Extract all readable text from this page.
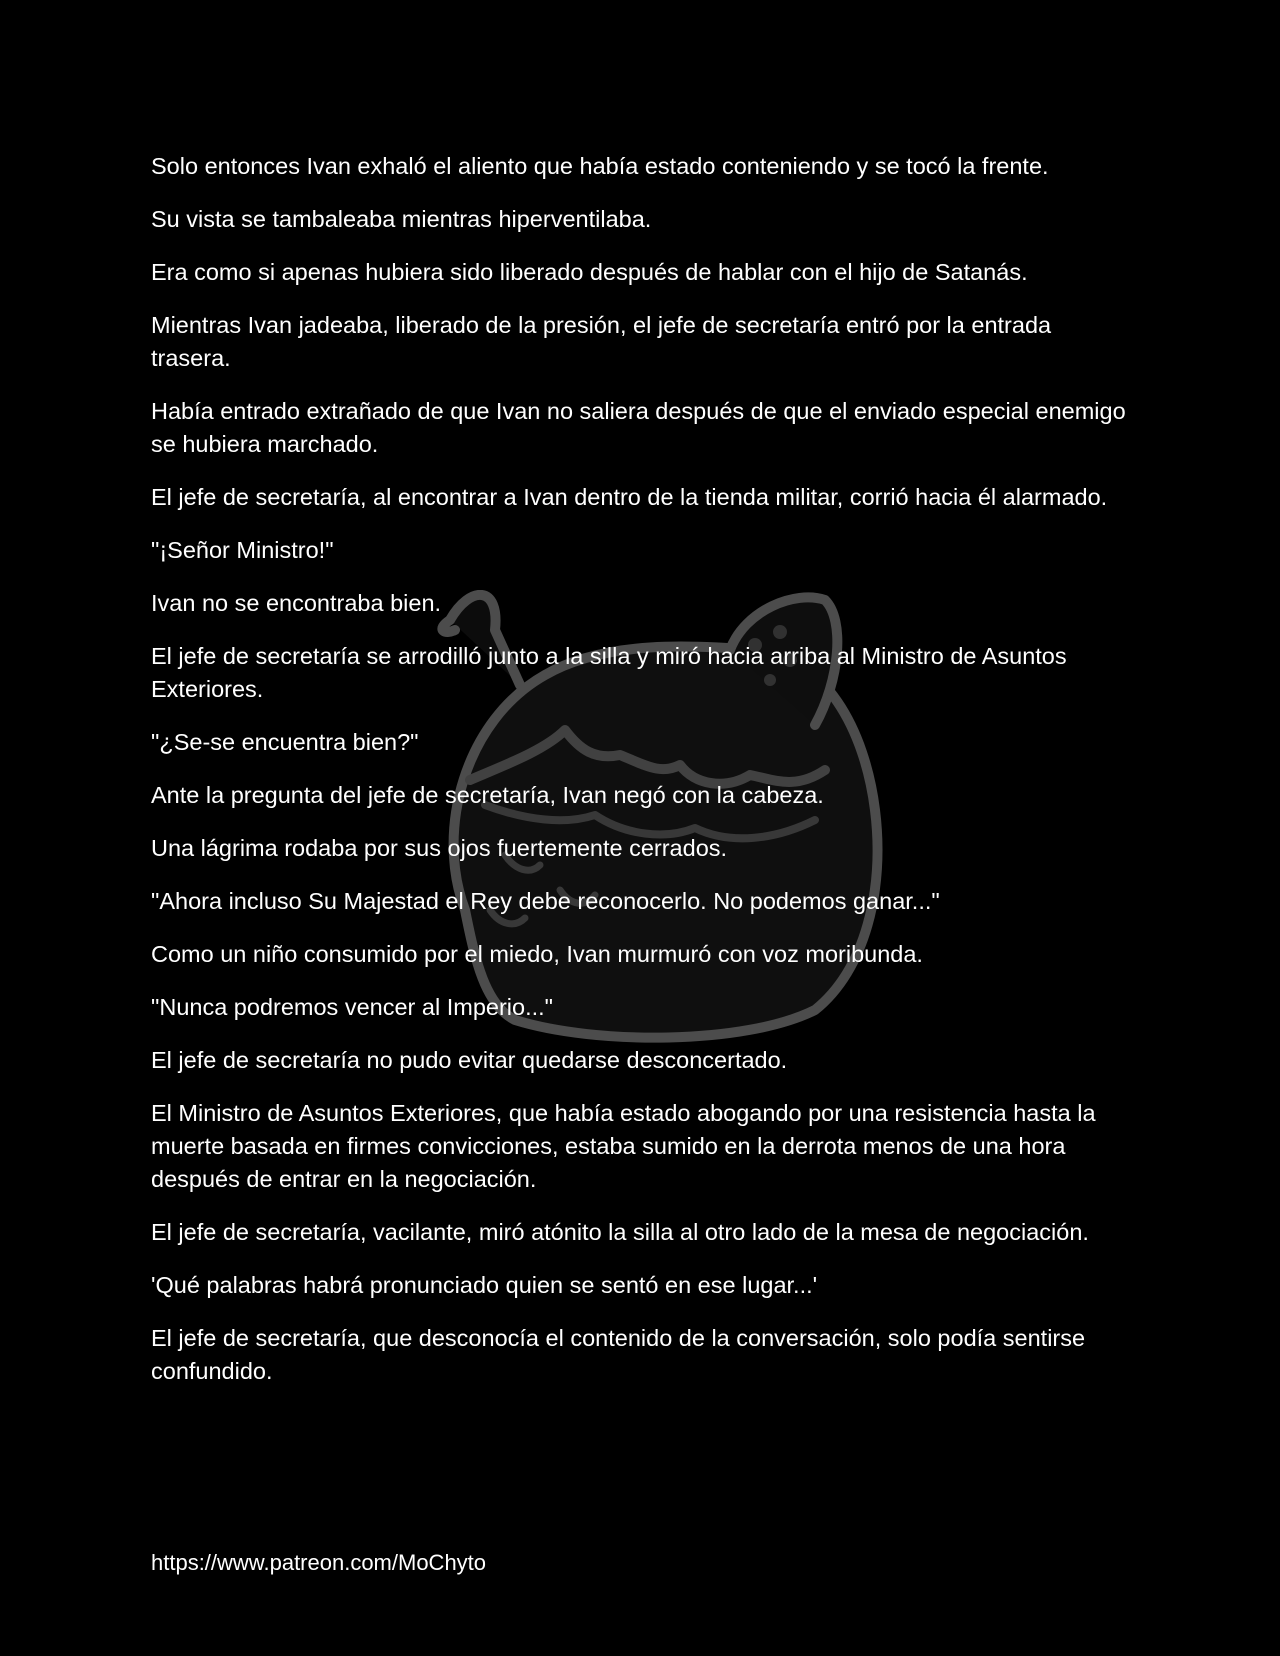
Solo entonces Ivan exhaló el aliento que había estado conteniendo y se tocó la frente.

Su vista se tambaleaba mientras hiperventilaba.

Era como si apenas hubiera sido liberado después de hablar con el hijo de Satanás.

Mientras Ivan jadeaba, liberado de la presión, el jefe de secretaría entró por la entrada trasera.

Había entrado extrañado de que Ivan no saliera después de que el enviado especial enemigo se hubiera marchado.

El jefe de secretaría, al encontrar a Ivan dentro de la tienda militar, corrió hacia él alarmado.

"¡Señor Ministro!"

Ivan no se encontraba bien.

El jefe de secretaría se arrodilló junto a la silla y miró hacia arriba al Ministro de Asuntos Exteriores.

"¿Se-se encuentra bien?"

Ante la pregunta del jefe de secretaría, Ivan negó con la cabeza.

Una lágrima rodaba por sus ojos fuertemente cerrados.

"Ahora incluso Su Majestad el Rey debe reconocerlo. No podemos ganar..."

Como un niño consumido por el miedo, Ivan murmuró con voz moribunda.

"Nunca podremos vencer al Imperio..."

El jefe de secretaría no pudo evitar quedarse desconcertado.

El Ministro de Asuntos Exteriores, que había estado abogando por una resistencia hasta la muerte basada en firmes convicciones, estaba sumido en la derrota menos de una hora después de entrar en la negociación.

El jefe de secretaría, vacilante, miró atónito la silla al otro lado de la mesa de negociación.

'Qué palabras habrá pronunciado quien se sentó en ese lugar...'

El jefe de secretaría, que desconocía el contenido de la conversación, solo podía sentirse confundido.

https://www.patreon.com/MoChyto
